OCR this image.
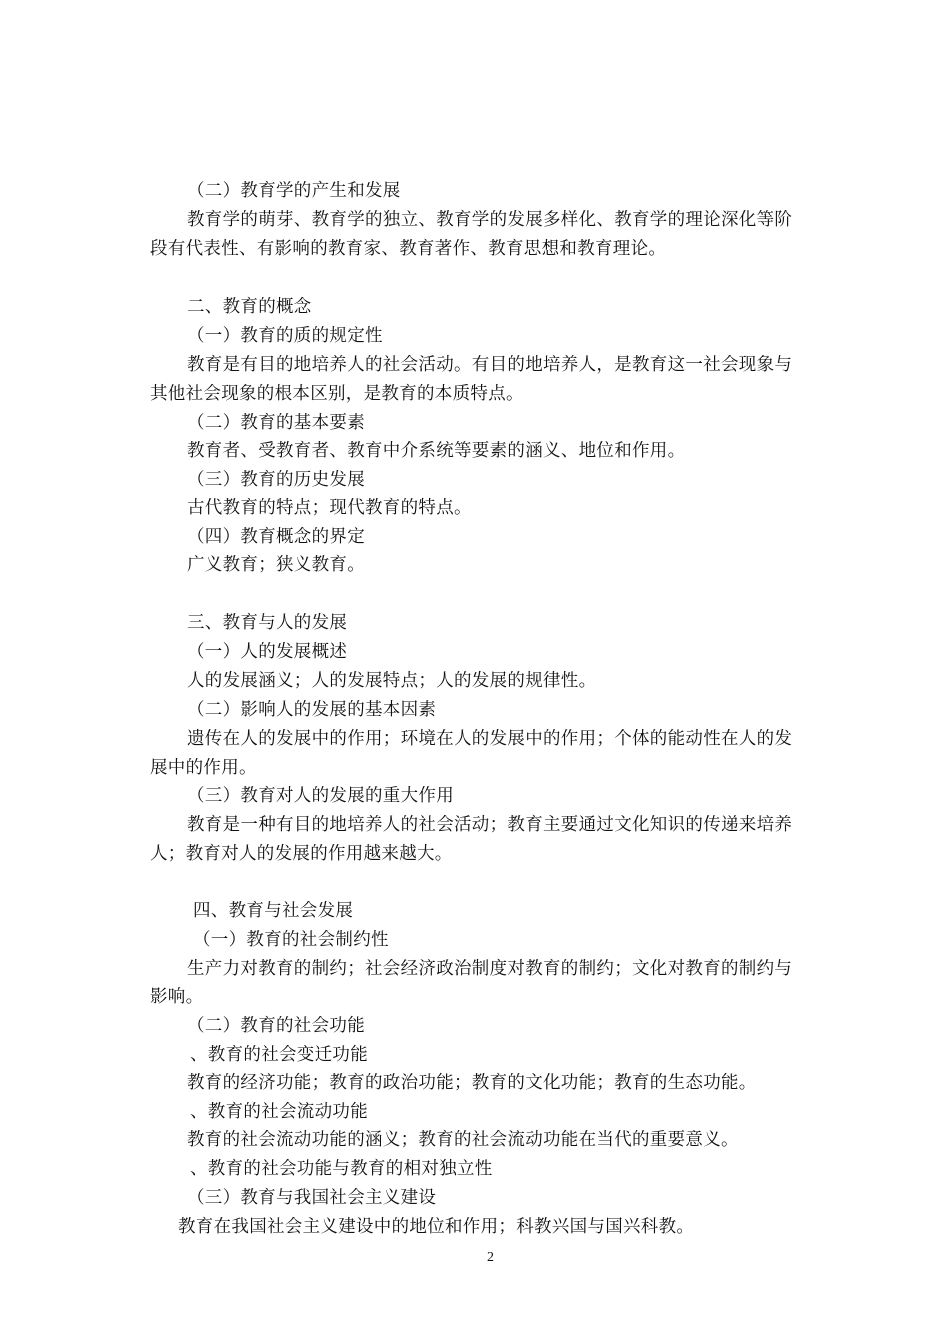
（二）教育学的产生和发展
教育学的萌芽、教育学的独立、教育学的发展多样化、教育学的理论深化等阶
段有代表性、有影响的教育家、教育著作、教育思想和教育理论。
二、教育的概念
（一）教育的质的规定性
教育是有目的地培养人的社会活动。有目的地培养人，是教育这一社会现象与
其他社会现象的根本区别，是教育的本质特点。
（二）教育的基本要素
教育者、受教育者、教育中介系统等要素的涵义、地位和作用。
（三）教育的历史发展
古代教育的特点；现代教育的特点。
（四）教育概念的界定
广义教育；狭义教育。
三、教育与人的发展
（一）人的发展概述
人的发展涵义；人的发展特点；人的发展的规律性。
（二）影响人的发展的基本因素
遗传在人的发展中的作用；环境在人的发展中的作用；个体的能动性在人的发
展中的作用。
（三）教育对人的发展的重大作用
教育是一种有目的地培养人的社会活动；教育主要通过文化知识的传递来培养
人；教育对人的发展的作用越来越大。
四、教育与社会发展
（一）教育的社会制约性
生产力对教育的制约；社会经济政治制度对教育的制约；文化对教育的制约与
影响。
（二）教育的社会功能
、教育的社会变迁功能
教育的经济功能；教育的政治功能；教育的文化功能；教育的生态功能。
、教育的社会流动功能
教育的社会流动功能的涵义；教育的社会流动功能在当代的重要意义。
、教育的社会功能与教育的相对独立性
（三）教育与我国社会主义建设
教育在我国社会主义建设中的地位和作用；科教兴国与国兴科教。
2
